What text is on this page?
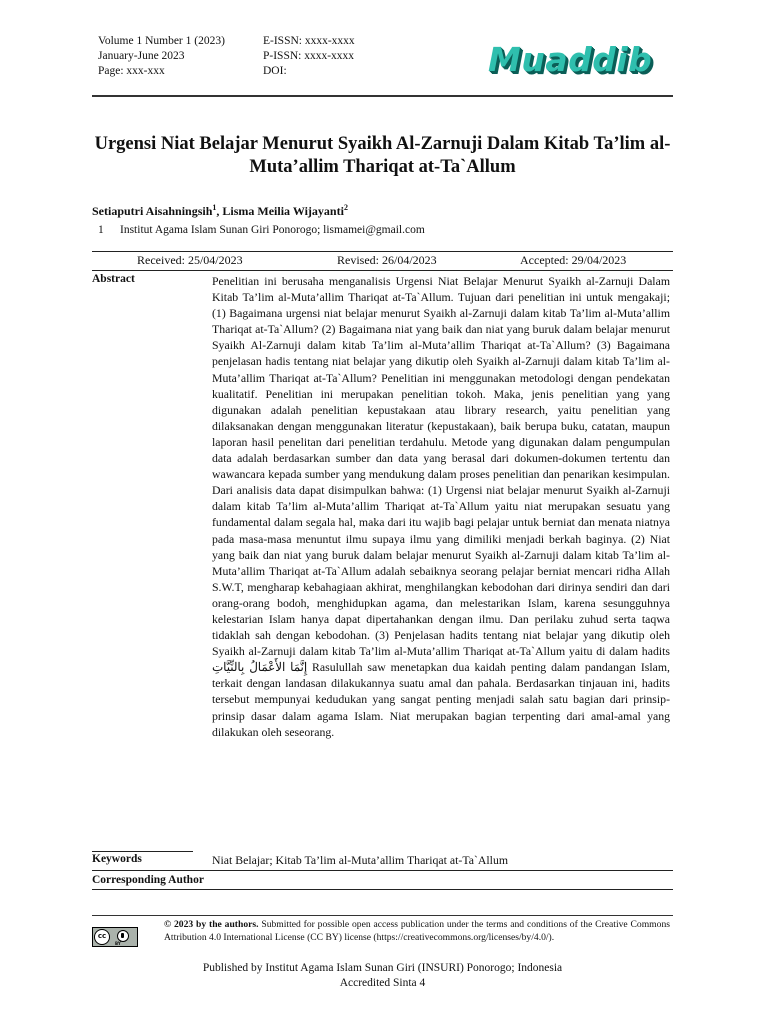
Volume 1 Number 1 (2023)
January-June 2023
Page: xxx-xxx
E-ISSN: xxxx-xxxx
P-ISSN: xxxx-xxxx
DOI:	Muaddib
Urgensi Niat Belajar Menurut Syaikh Al-Zarnuji Dalam Kitab Ta’lim al-Muta’allim Thariqat at-Ta`Allum
Setiaputri Aisahningsih$^1$, Lisma Meilia Wijayanti$^2$
1 Institut Agama Islam Sunan Giri Ponorogo; lismamei@gmail.com
Received: 25/04/2023	Revised: 26/04/2023	Accepted: 29/04/2023
Abstract	Penelitian ini berusaha menganalisis Urgensi Niat Belajar Menurut Syaikh al-Zarnuji Dalam Kitab Ta’lim al-Muta’allim Thariqat at-Ta`Allum. Tujuan dari penelitian ini untuk mengakaji; (1) Bagaimana urgensi niat belajar menurut Syaikh al-Zarnuji dalam kitab Ta’lim al-Muta’allim Thariqat at-Ta`Allum? (2) Bagaimana niat yang baik dan niat yang buruk dalam belajar menurut Syaikh Al-Zarnuji dalam kitab Ta’lim al-Muta’allim Thariqat at-Ta`Allum? (3) Bagaimana penjelasan hadis tentang niat belajar yang dikutip oleh Syaikh al-Zarnuji dalam kitab Ta’lim al-Muta’allim Thariqat at-Ta`Allum? Penelitian ini menggunakan metodologi dengan pendekatan kualitatif. Penelitian ini merupakan penelitian tokoh. Maka, jenis penelitian yang yang digunakan adalah penelitian kepustakaan atau library research, yaitu penelitian yang dilaksanakan dengan menggunakan literatur (kepustakaan), baik berupa buku, catatan, maupun laporan hasil penelitan dari penelitian terdahulu. Metode yang digunakan dalam pengumpulan data adalah berdasarkan sumber dan data yang berasal dari dokumen-dokumen tertentu dan wawancara kepada sumber yang mendukung dalam proses penelitian dan penarikan kesimpulan. Dari analisis data dapat disimpulkan bahwa: (1) Urgensi niat belajar menurut Syaikh al-Zarnuji dalam kitab Ta’lim al-Muta’allim Thariqat at-Ta`Allum yaitu niat merupakan sesuatu yang fundamental dalam segala hal, maka dari itu wajib bagi pelajar untuk berniat dan menata niatnya pada masa-masa menuntut ilmu supaya ilmu yang dimiliki menjadi berkah baginya. (2) Niat yang baik dan niat yang buruk dalam belajar menurut Syaikh al-Zarnuji dalam kitab Ta’lim al-Muta’allim Thariqat at-Ta`Allum adalah sebaiknya seorang pelajar berniat mencari ridha Allah S.W.T, mengharap kebahagiaan akhirat, menghilangkan kebodohan dari dirinya sendiri dan dari orang-orang bodoh, menghidupkan agama, dan melestarikan Islam, karena sesungguhnya kelestarian Islam hanya dapat dipertahankan dengan ilmu. Dan perilaku zuhud serta taqwa tidaklah sah dengan kebodohan. (3) Penjelasan hadits tentang niat belajar yang dikutip oleh Syaikh al-Zarnuji dalam kitab Ta’lim al-Muta’allim Thariqat at-Ta`Allum yaitu di dalam hadits إِنَّمَا الأَعْمَالُ بِالنِّيَّاتِ Rasulullah saw menetapkan dua kaidah penting dalam pandangan Islam, terkait dengan landasan dilakukannya suatu amal dan pahala. Berdasarkan tinjauan ini, hadits tersebut mempunyai kedudukan yang sangat penting menjadi salah satu bagian dari prinsip-prinsip dasar dalam agama Islam. Niat merupakan bagian terpenting dari amal-amal yang dilakukan oleh seseorang.
Keywords	Niat Belajar; Kitab Ta’lim al-Muta’allim Thariqat at-Ta`Allum
Corresponding Author
cc
BY
© 2023 by the authors. Submitted for possible open access publication under the terms and conditions of the Creative Commons Attribution 4.0 International License (CC BY) license (https://creativecommons.org/licenses/by/4.0/).
Published by Institut Agama Islam Sunan Giri (INSURI) Ponorogo; Indonesia
Accredited Sinta 4
